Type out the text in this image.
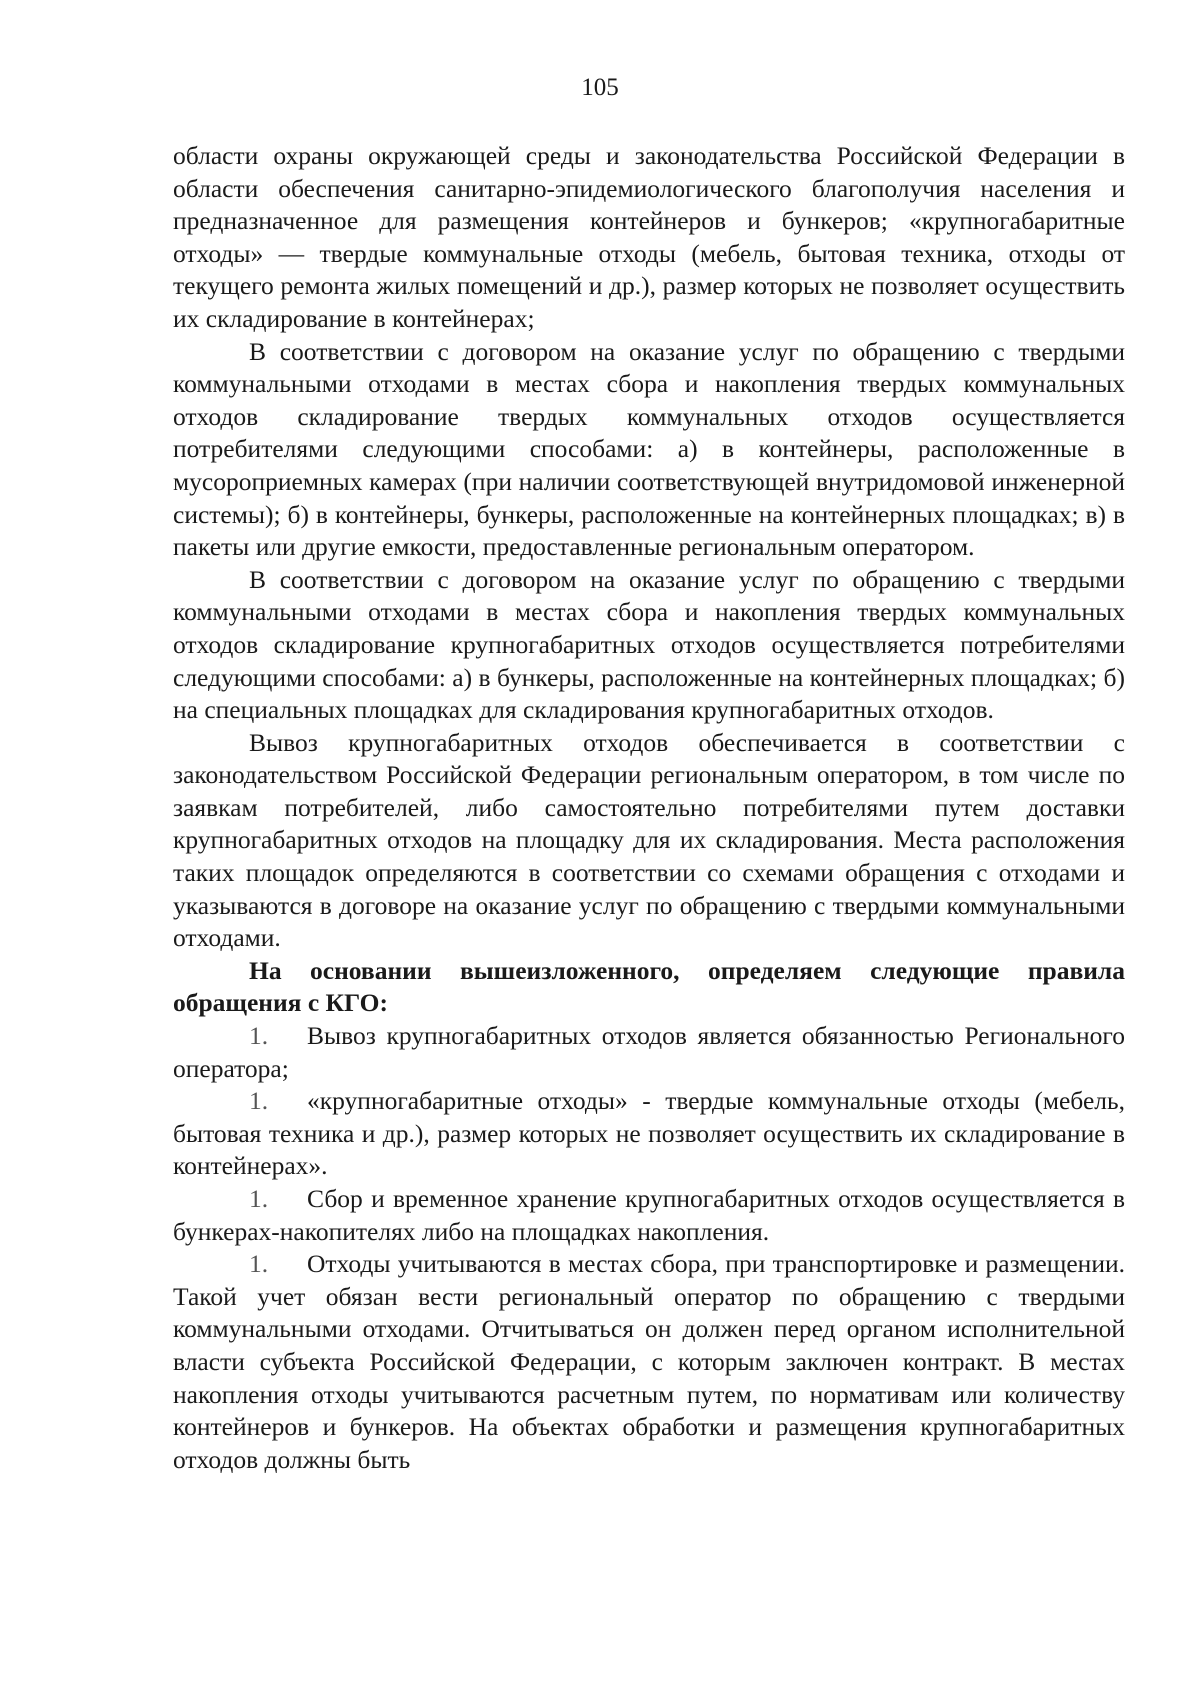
105

области охраны окружающей среды и законодательства Российской Федерации в области обеспечения санитарно-эпидемиологического благополучия населения и предназначенное для размещения контейнеров и бункеров; «крупногабаритные отходы» — твердые коммунальные отходы (мебель, бытовая техника, отходы от текущего ремонта жилых помещений и др.), размер которых не позволяет осуществить их складирование в контейнерах;

В соответствии с договором на оказание услуг по обращению с твердыми коммунальными отходами в местах сбора и накопления твердых коммунальных отходов складирование твердых коммунальных отходов осуществляется потребителями следующими способами: а) в контейнеры, расположенные в мусороприемных камерах (при наличии соответствующей внутридомовой инженерной системы); б) в контейнеры, бункеры, расположенные на контейнерных площадках; в) в пакеты или другие емкости, предоставленные региональным оператором.

В соответствии с договором на оказание услуг по обращению с твердыми коммунальными отходами в местах сбора и накопления твердых коммунальных отходов складирование крупногабаритных отходов осуществляется потребителями следующими способами: а) в бункеры, расположенные на контейнерных площадках; б) на специальных площадках для складирования крупногабаритных отходов.

Вывоз крупногабаритных отходов обеспечивается в соответствии с законодательством Российской Федерации региональным оператором, в том числе по заявкам потребителей, либо самостоятельно потребителями путем доставки крупногабаритных отходов на площадку для их складирования. Места расположения таких площадок определяются в соответствии со схемами обращения с отходами и указываются в договоре на оказание услуг по обращению с твердыми коммунальными отходами.

На основании вышеизложенного, определяем следующие правила обращения с КГО:

1. Вывоз крупногабаритных отходов является обязанностью Регионального оператора;

1. «крупногабаритные отходы» - твердые коммунальные отходы (мебель, бытовая техника и др.), размер которых не позволяет осуществить их складирование в контейнерах».

1. Сбор и временное хранение крупногабаритных отходов осуществляется в бункерах-накопителях либо на площадках накопления.

1. Отходы учитываются в местах сбора, при транспортировке и размещении. Такой учет обязан вести региональный оператор по обращению с твердыми коммунальными отходами. Отчитываться он должен перед органом исполнительной власти субъекта Российской Федерации, с которым заключен контракт. В местах накопления отходы учитываются расчетным путем, по нормативам или количеству контейнеров и бункеров. На объектах обработки и размещения крупногабаритных отходов должны быть
